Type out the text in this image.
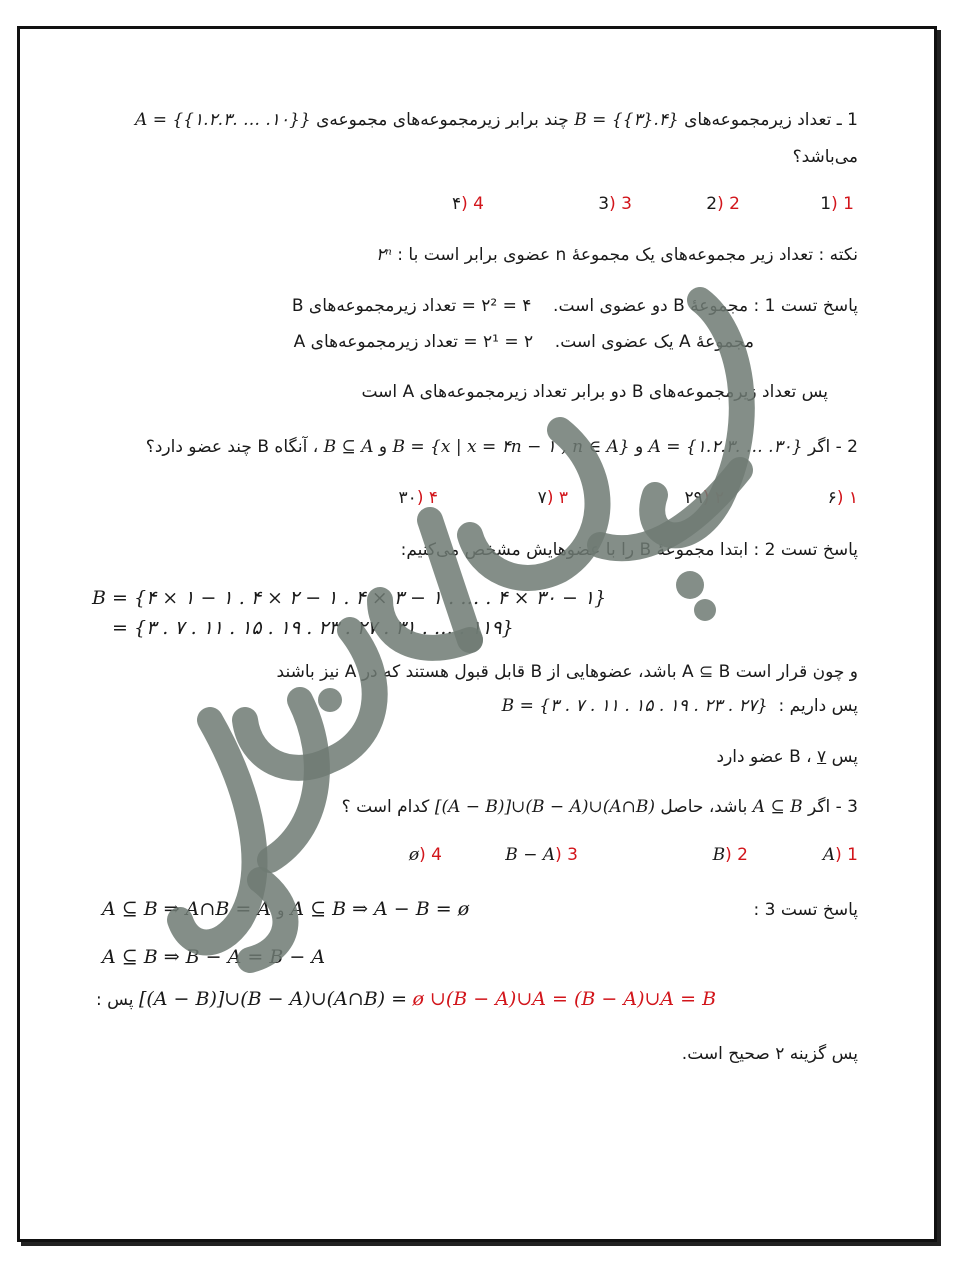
1 ـ تعداد زیرمجموعه‌های B = {{۳}.۴} چند برابر زیرمجموعه‌های مجموعه‌ی A = {{۱.۲.۳. … .۱۰}}
می‌باشد؟
1 (1
2 (2
3 (3
4 (۴
نکته : تعداد زیر مجموعه‌های یک مجموعهٔ n عضوی برابر است با : ۲ⁿ
پاسخ تست 1 : مجموعهٔ B دو عضوی است.    ۴ = ۲² = تعداد زیرمجموعه‌های B
مجموعهٔ A یک عضوی است.    ۲ = ۲¹ = تعداد زیرمجموعه‌های A
پس تعداد زیرمجموعه‌های B دو برابر تعداد زیرمجموعه‌های A است
2 - اگر A = {۱.۲.۳. … .۳۰} و B = {x | x = ۴n − ۱ , n ∈ A} و B ⊆ A ، آنگاه B چند عضو دارد؟
۱ (۶
۲ (۲۹
۳ (۷
۴ (۳۰
پاسخ تست 2 : ابتدا مجموعهٔ B را با عضوهایش مشخص می‌کنیم:
B = {۴ × ۱ − ۱ . ۴ × ۲ − ۱ . ۴ × ۳ − ۱ . … . ۴ × ۳۰ − ۱}
= {۳ . ۷ . ۱۱ . ۱۵ . ۱۹ . ۲۳ . ۲۷ . ۳۱ . … . ۱۱۹}
و چون قرار است A ⊆ B باشد، عضوهایی از B قابل قبول هستند که در A نیز باشند
پس داریم :  B = {۳ . ۷ . ۱۱ . ۱۵ . ۱۹ . ۲۳ . ۲۷}
پس B ، ۷ عضو دارد
3 - اگر A ⊆ B باشد، حاصل [(A − B)]∪(B − A)∪(A∩B) کدام است ؟
1 (A
2 (B
3 (B − A
4 (ø
پاسخ تست 3 :
A ⊆ B ⇒ A∩B = A و A ⊆ B ⇒ A − B = ø
A ⊆ B ⇒ B − A = B − A
پس : [(A − B)]∪(B − A)∪(A∩B) = ø ∪(B − A)∪A = (B − A)∪A = B
پس گزینه ۲ صحیح است.
